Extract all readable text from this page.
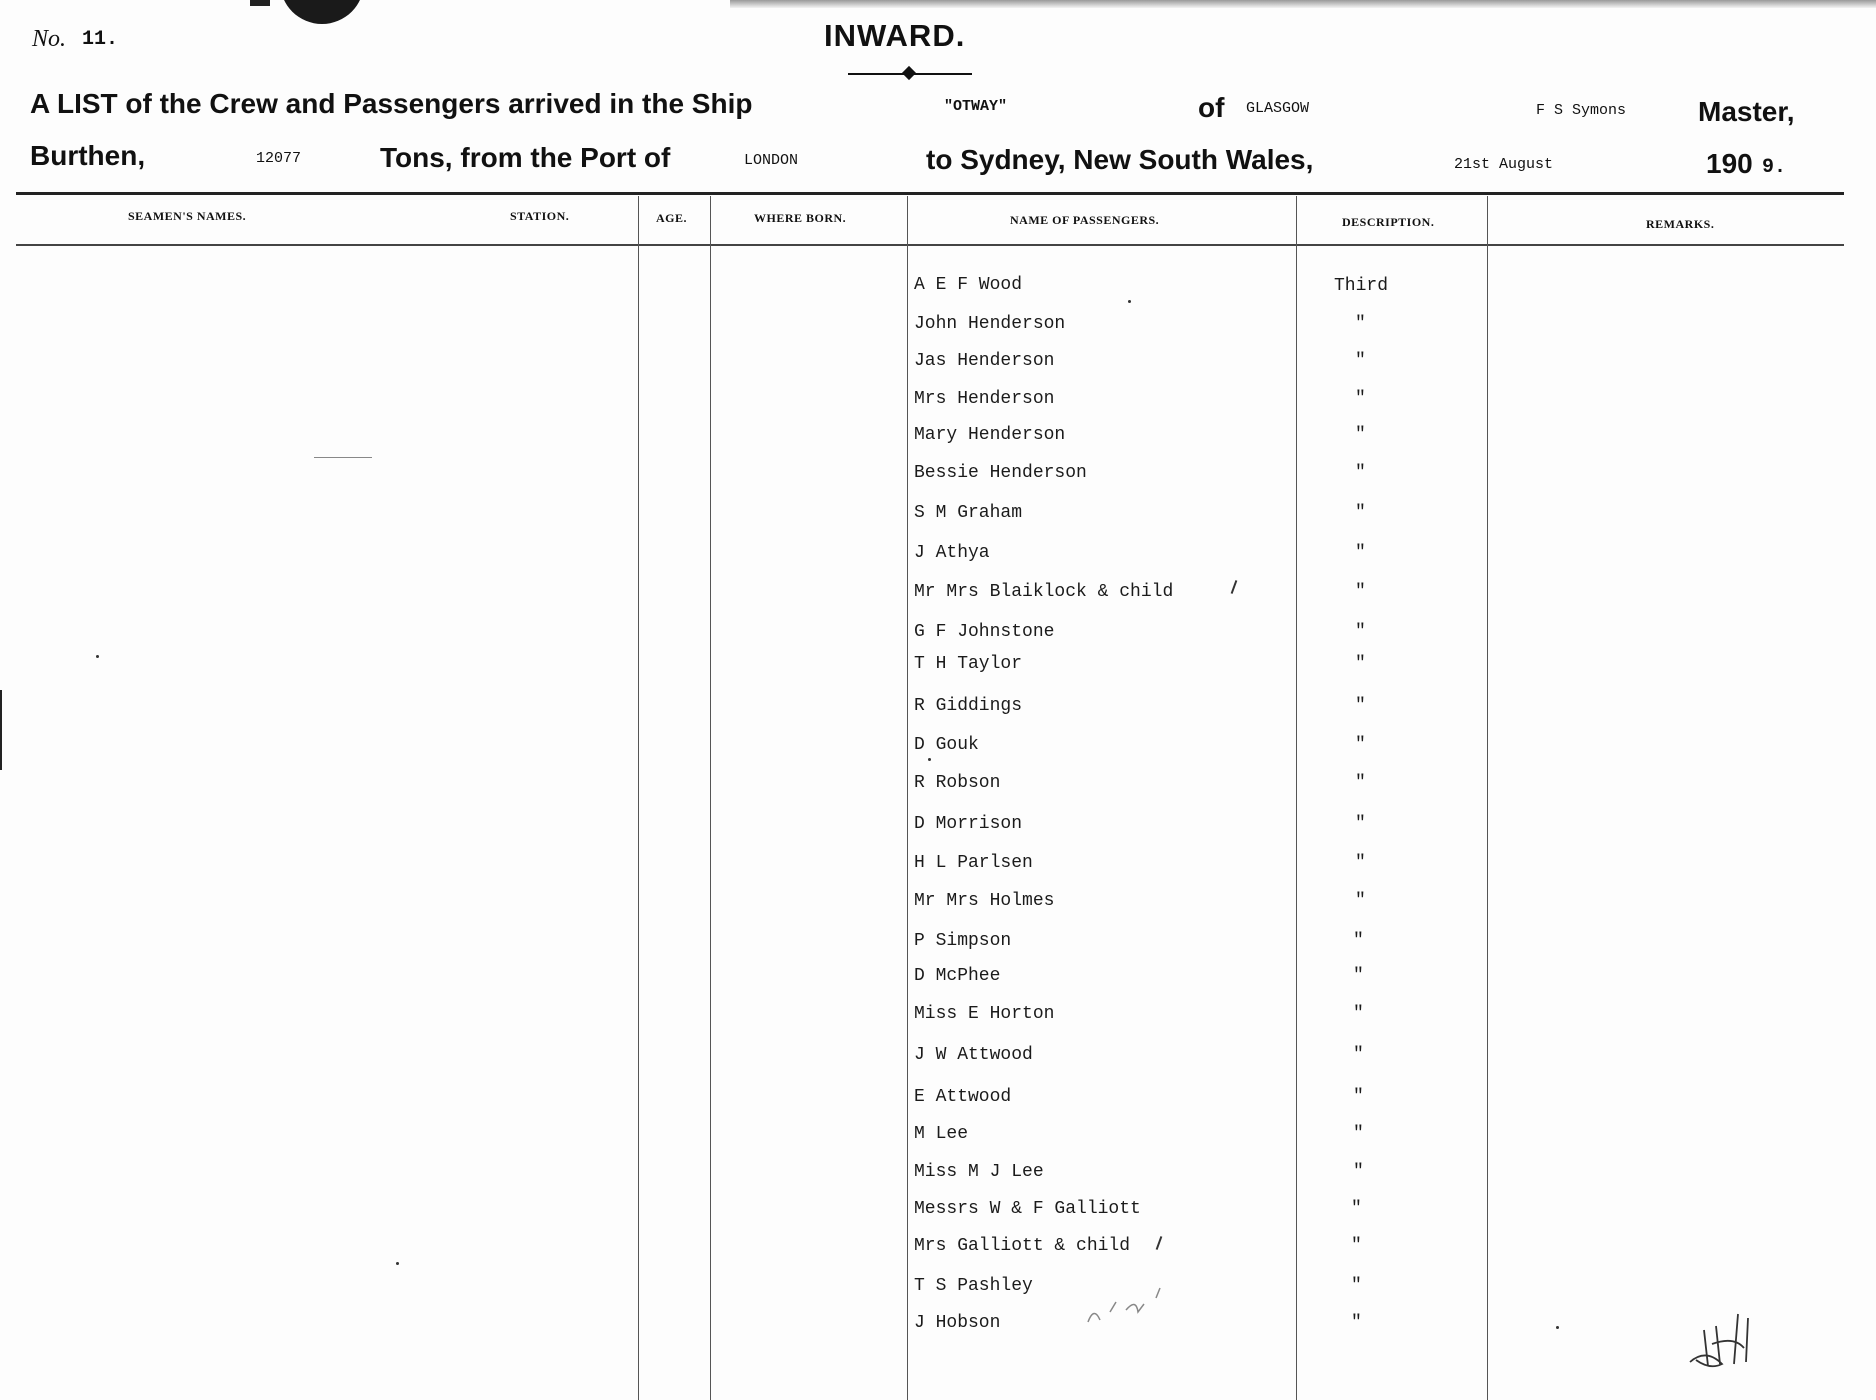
No. 11.	INWARD.
A LIST of the Crew and Passengers arrived in the Ship	"OTWAY"	of GLASGOW	F S Symons	Master,
Burthen,	12077	Tons, from the Port of	LONDON	to Sydney, New South Wales,	21st August	190 9.
SEAMEN'S NAMES.	STATION.	AGE.	WHERE BORN.	NAME OF PASSENGERS.	DESCRIPTION.	REMARKS.
A E F Wood	Third
John Henderson	"
Jas Henderson	"
Mrs Henderson	"
Mary Henderson	"
Bessie Henderson	"
S M Graham	"
J Athya	"
Mr Mrs Blaiklock & child	"
G F Johnstone	"
T H Taylor	"
R Giddings	"
D Gouk	"
R Robson	"
D Morrison	"
H L Parlsen	"
Mr Mrs Holmes	"
P Simpson	"
D McPhee	"
Miss E Horton	"
J W Attwood	"
E Attwood	"
M Lee	"
Miss M J Lee	"
Messrs W & F Galliott	"
Mrs Galliott & child	"
T S Pashley	"
J Hobson	"
